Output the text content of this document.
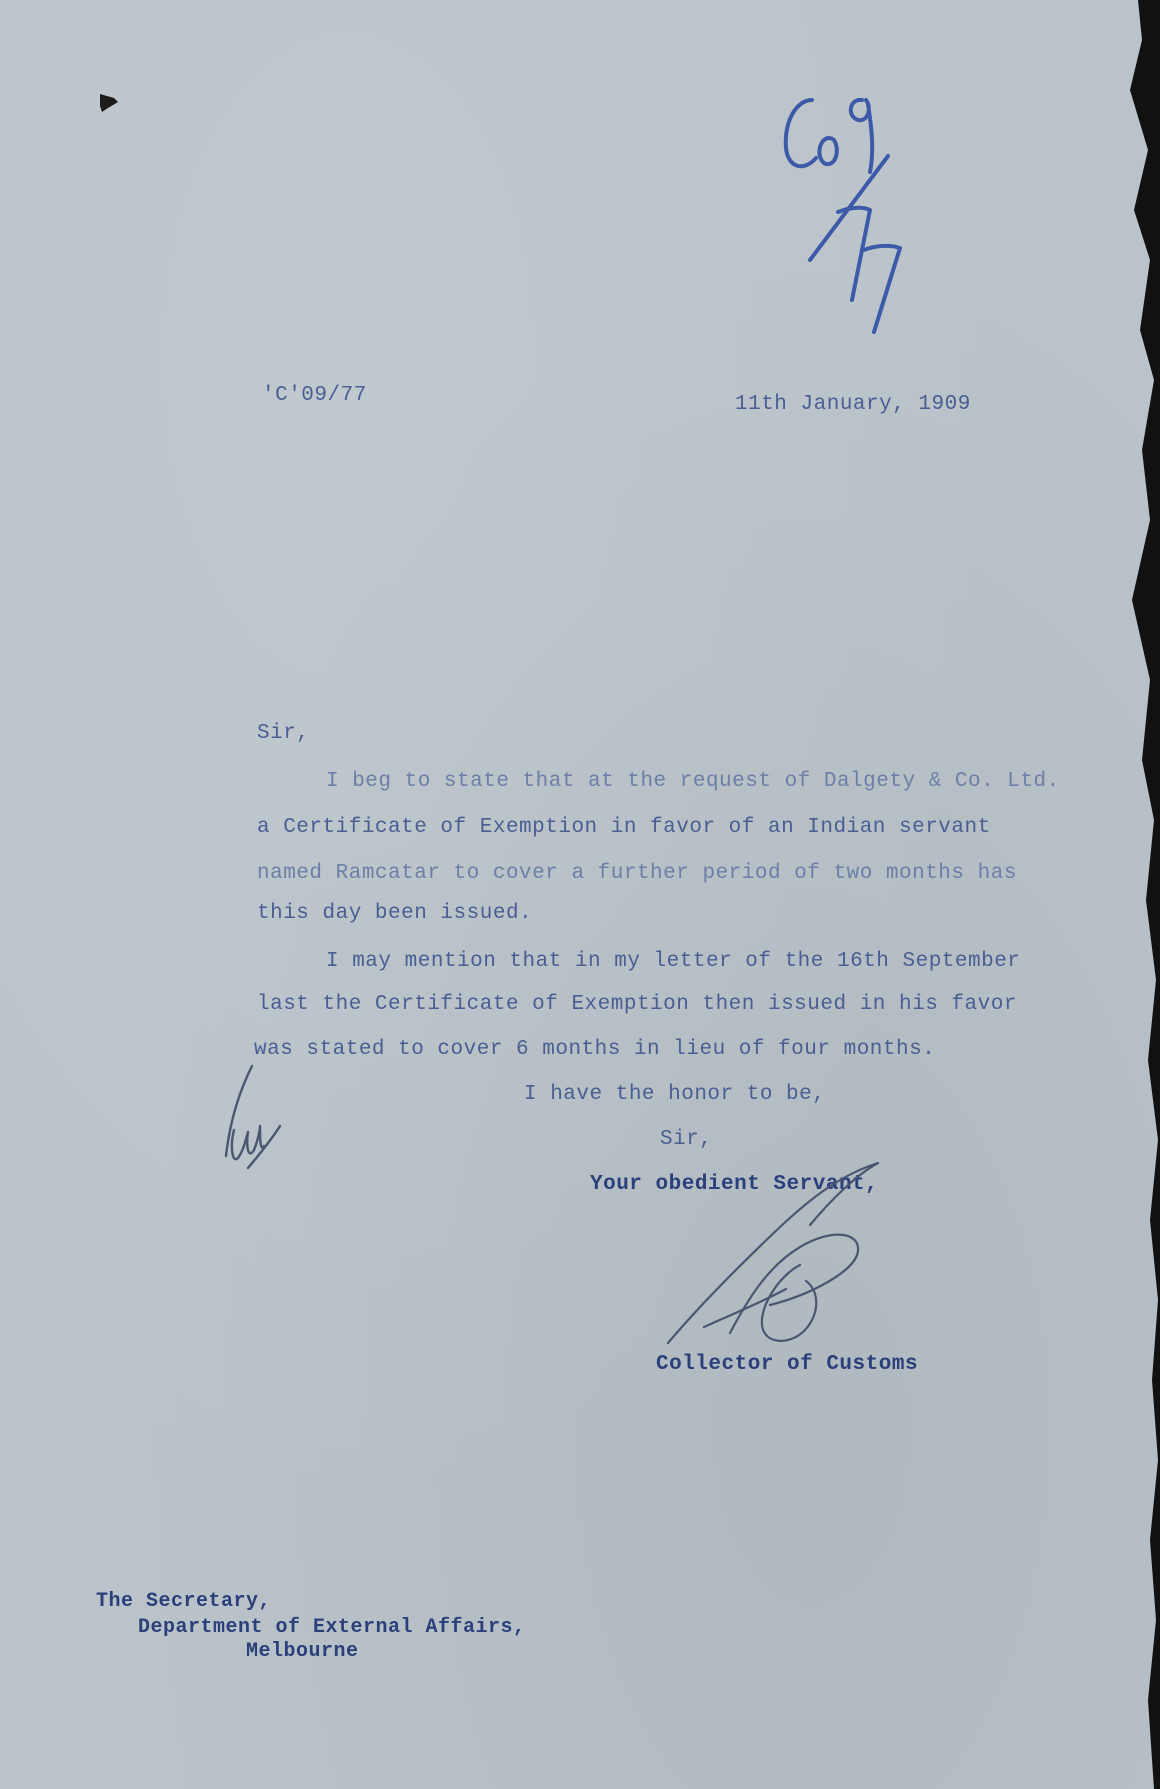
'C'09/77	11th January, 1909
Sir,
I beg to state that at the request of Dalgety & Co. Ltd.
a Certificate of Exemption in favor of an Indian servant
named Ramcatar to cover a further period of two months has
this day been issued.
I may mention that in my letter of the 16th September
last the Certificate of Exemption then issued in his favor
was stated to cover 6 months in lieu of four months.
I have the honor to be,
Sir,
Your obedient Servant,
Collector of Customs
The Secretary,
Department of External Affairs,
Melbourne
